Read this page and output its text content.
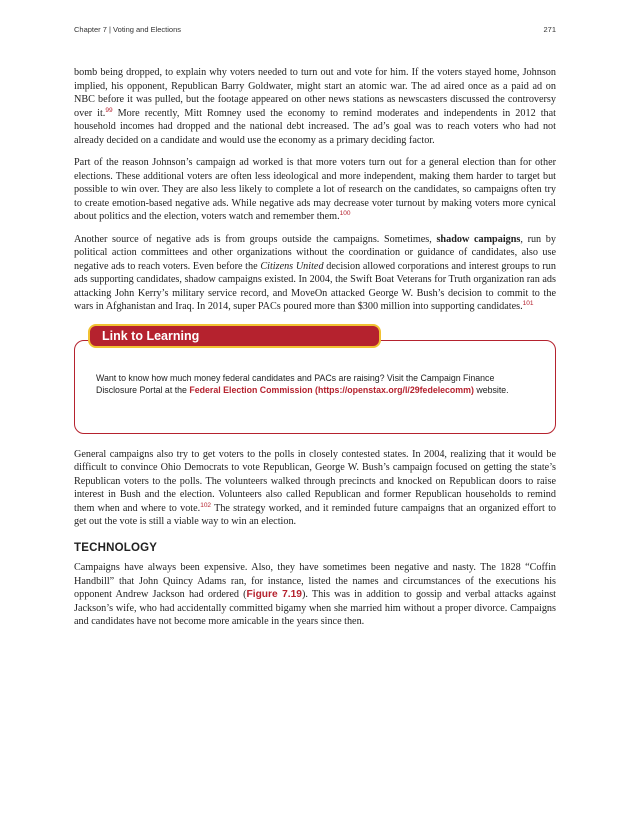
Chapter 7 | Voting and Elections	271

bomb being dropped, to explain why voters needed to turn out and vote for him. If the voters stayed home, Johnson implied, his opponent, Republican Barry Goldwater, might start an atomic war. The ad aired once as a paid ad on NBC before it was pulled, but the footage appeared on other news stations as newscasters discussed the controversy over it.$^{99}$ More recently, Mitt Romney used the economy to remind moderates and independents in 2012 that household incomes had dropped and the national debt increased. The ad’s goal was to reach voters who had not already decided on a candidate and would use the economy as a primary deciding factor.

Part of the reason Johnson’s campaign ad worked is that more voters turn out for a general election than for other elections. These additional voters are often less ideological and more independent, making them harder to target but possible to win over. They are also less likely to complete a lot of research on the candidates, so campaigns often try to create emotion-based negative ads. While negative ads may decrease voter turnout by making voters more cynical about politics and the election, voters watch and remember them.$^{100}$

Another source of negative ads is from groups outside the campaigns. Sometimes, shadow campaigns, run by political action committees and other organizations without the coordination or guidance of candidates, also use negative ads to reach voters. Even before the Citizens United decision allowed corporations and interest groups to run ads supporting candidates, shadow campaigns existed. In 2004, the Swift Boat Veterans for Truth organization ran ads attacking John Kerry’s military service record, and MoveOn attacked George W. Bush’s decision to commit to the wars in Afghanistan and Iraq. In 2014, super PACs poured more than $300 million into supporting candidates.$^{101}$

Link to Learning
Want to know how much money federal candidates and PACs are raising? Visit the Campaign Finance Disclosure Portal at the Federal Election Commission (https://openstax.org/l/29fedelecomm) website.

General campaigns also try to get voters to the polls in closely contested states. In 2004, realizing that it would be difficult to convince Ohio Democrats to vote Republican, George W. Bush’s campaign focused on getting the state’s Republican voters to the polls. The volunteers walked through precincts and knocked on Republican doors to raise interest in Bush and the election. Volunteers also called Republican and former Republican households to remind them when and where to vote.$^{102}$ The strategy worked, and it reminded future campaigns that an organized effort to get out the vote is still a viable way to win an election.

TECHNOLOGY

Campaigns have always been expensive. Also, they have sometimes been negative and nasty. The 1828 “Coffin Handbill” that John Quincy Adams ran, for instance, listed the names and circumstances of the executions his opponent Andrew Jackson had ordered (Figure 7.19). This was in addition to gossip and verbal attacks against Jackson’s wife, who had accidentally committed bigamy when she married him without a proper divorce. Campaigns and candidates have not become more amicable in the years since then.
